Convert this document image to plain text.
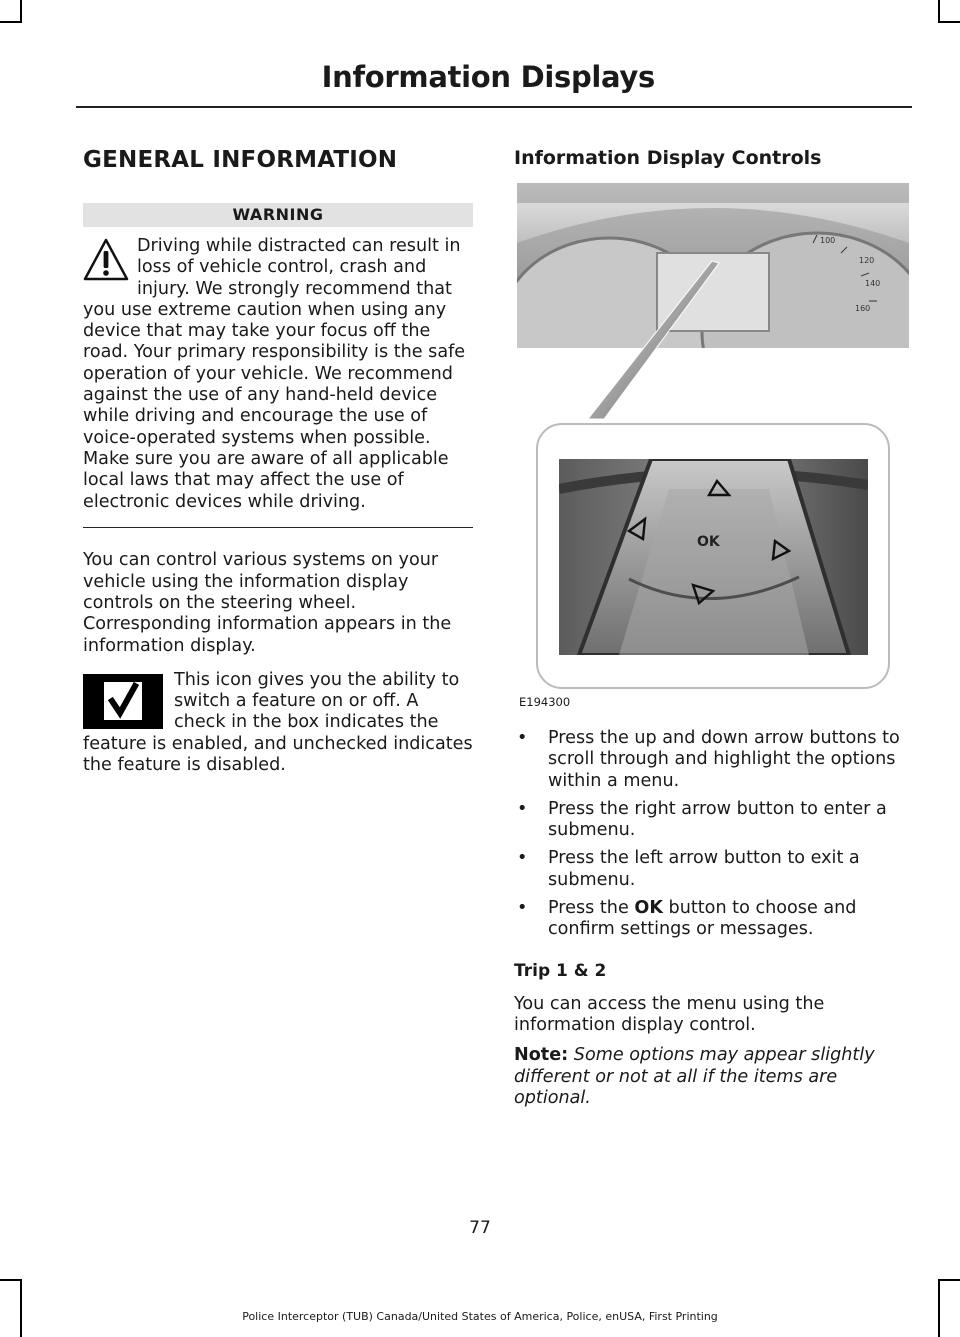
Information Displays
GENERAL INFORMATION
WARNING
Driving while distracted can result in loss of vehicle control, crash and injury. We strongly recommend that you use extreme caution when using any device that may take your focus off the road. Your primary responsibility is the safe operation of your vehicle. We recommend against the use of any hand-held device while driving and encourage the use of voice-operated systems when possible. Make sure you are aware of all applicable local laws that may affect the use of electronic devices while driving.

You can control various systems on your vehicle using the information display controls on the steering wheel. Corresponding information appears in the information display.

This icon gives you the ability to switch a feature on or off. A check in the box indicates the feature is enabled, and unchecked indicates the feature is disabled.

Information Display Controls
100
120
140
160
OK
E194300
• Press the up and down arrow buttons to scroll through and highlight the options within a menu.
• Press the right arrow button to enter a submenu.
• Press the left arrow button to exit a submenu.
• Press the OK button to choose and confirm settings or messages.
Trip 1 & 2

You can access the menu using the information display control.

Note: Some options may appear slightly different or not at all if the items are optional.

77
Police Interceptor (TUB) Canada/United States of America, Police, enUSA, First Printing
